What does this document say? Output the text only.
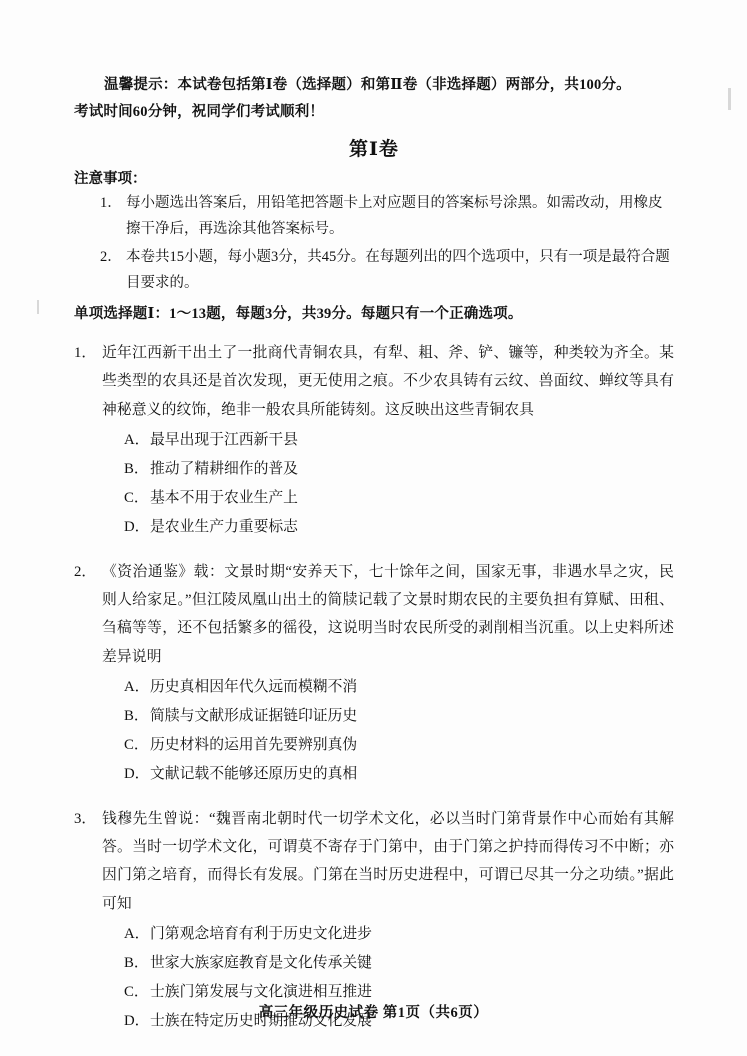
温馨提示：本试卷包括第Ⅰ卷（选择题）和第Ⅱ卷（非选择题）两部分，共100分。
考试时间60分钟，祝同学们考试顺利！
第Ⅰ卷
注意事项：
1． 每小题选出答案后，用铅笔把答题卡上对应题目的答案标号涂黑。如需改动，用橡皮擦干净后，再选涂其他答案标号。
2． 本卷共15小题，每小题3分，共45分。在每题列出的四个选项中，只有一项是最符合题目要求的。
单项选择题Ⅰ：1～13题，每题3分，共39分。每题只有一个正确选项。
1． 近年江西新干出土了一批商代青铜农具，有犁、耝、斧、铲、镰等，种类较为齐全。某些类型的农具还是首次发现，更无使用之痕。不少农具铸有云纹、兽面纹、蝉纹等具有神秘意义的纹饰，绝非一般农具所能铸刻。这反映出这些青铜农具
A． 最早出现于江西新干县
B． 推动了精耕细作的普及
C． 基本不用于农业生产上
D． 是农业生产力重要标志
2． 《资治通鉴》载：文景时期“安养天下，七十馀年之间，国家无事，非遇水旱之灾，民则人给家足。”但江陵凤凰山出土的简牍记载了文景时期农民的主要负担有算赋、田租、刍稿等等，还不包括繁多的徭役，这说明当时农民所受的剥削相当沉重。以上史料所述差异说明
A． 历史真相因年代久远而模糊不消
B． 简牍与文献形成证据链印证历史
C． 历史材料的运用首先要辨别真伪
D． 文献记载不能够还原历史的真相
3． 钱穆先生曾说：“魏晋南北朝时代一切学术文化，必以当时门第背景作中心而始有其解答。当时一切学术文化，可谓莫不寄存于门第中，由于门第之护持而得传习不中断；亦因门第之培育，而得长有发展。门第在当时历史进程中，可谓已尽其一分之功绩。”据此可知
A． 门第观念培育有利于历史文化进步
B． 世家大族家庭教育是文化传承关键
C． 士族门第发展与文化演进相互推进
D． 士族在特定历史时期推动文化发展
高三年级历史试卷 第1页（共6页）
